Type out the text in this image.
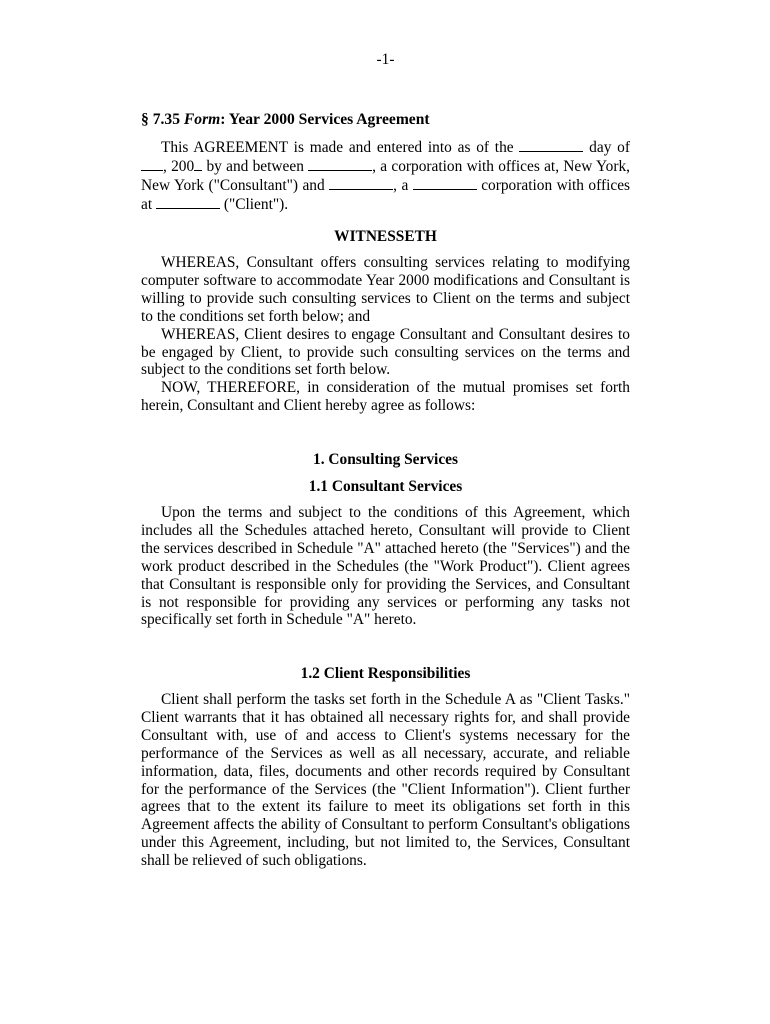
-1-
§ 7.35 Form: Year 2000 Services Agreement
This AGREEMENT is made and entered into as of the	day of , 200 by and between	, a corporation with offices at, New York, New York ("Consultant") and	, a	corporation with offices at	("Client").
WITNESSETH

WHEREAS, Consultant offers consulting services relating to modifying computer software to accommodate Year 2000 modifications and Consultant is willing to provide such consulting services to Client on the terms and subject to the conditions set forth below; and

WHEREAS, Client desires to engage Consultant and Consultant desires to be engaged by Client, to provide such consulting services on the terms and subject to the conditions set forth below.

NOW, THEREFORE, in consideration of the mutual promises set forth herein, Consultant and Client hereby agree as follows:

1. Consulting Services
1.1 Consultant Services
Upon the terms and subject to the conditions of this Agreement, which includes all the Schedules attached hereto, Consultant will provide to Client the services described in Schedule "A" attached hereto (the "Services") and the work product described in the Schedules (the "Work Product"). Client agrees that Consultant is responsible only for providing the Services, and Consultant is not responsible for providing any services or performing any tasks not specifically set forth in Schedule "A" hereto.
1.2 Client Responsibilities
Client shall perform the tasks set forth in the Schedule A as "Client Tasks." Client warrants that it has obtained all necessary rights for, and shall provide Consultant with, use of and access to Client's systems necessary for the performance of the Services as well as all necessary, accurate, and reliable information, data, files, documents and other records required by Consultant for the performance of the Services (the "Client Information"). Client further agrees that to the extent its failure to meet its obligations set forth in this Agreement affects the ability of Consultant to perform Consultant's obligations under this Agreement, including, but not limited to, the Services, Consultant shall be relieved of such obligations.
